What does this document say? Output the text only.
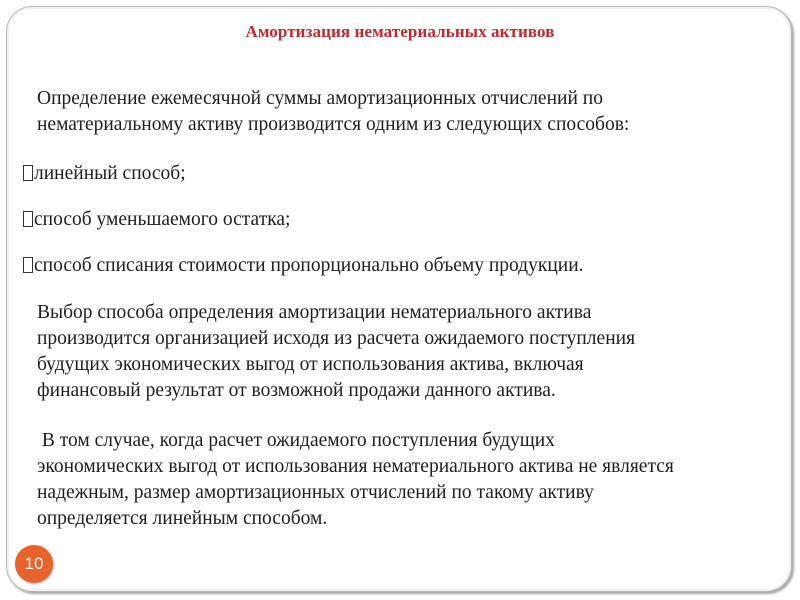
Амортизация нематериальных активов
Определение ежемесячной суммы амортизационных отчислений по
нематериальному активу производится одним из следующих способов:
линейный способ;
способ уменьшаемого остатка;
способ списания стоимости пропорционально объему продукции.
Выбор способа определения амортизации нематериального актива
производится организацией исходя из расчета ожидаемого поступления
будущих экономических выгод от использования актива, включая
финансовый результат от возможной продажи данного актива.
В том случае, когда расчет ожидаемого поступления будущих
экономических выгод от использования нематериального актива не является
надежным, размер амортизационных отчислений по такому активу
определяется линейным способом.
10
